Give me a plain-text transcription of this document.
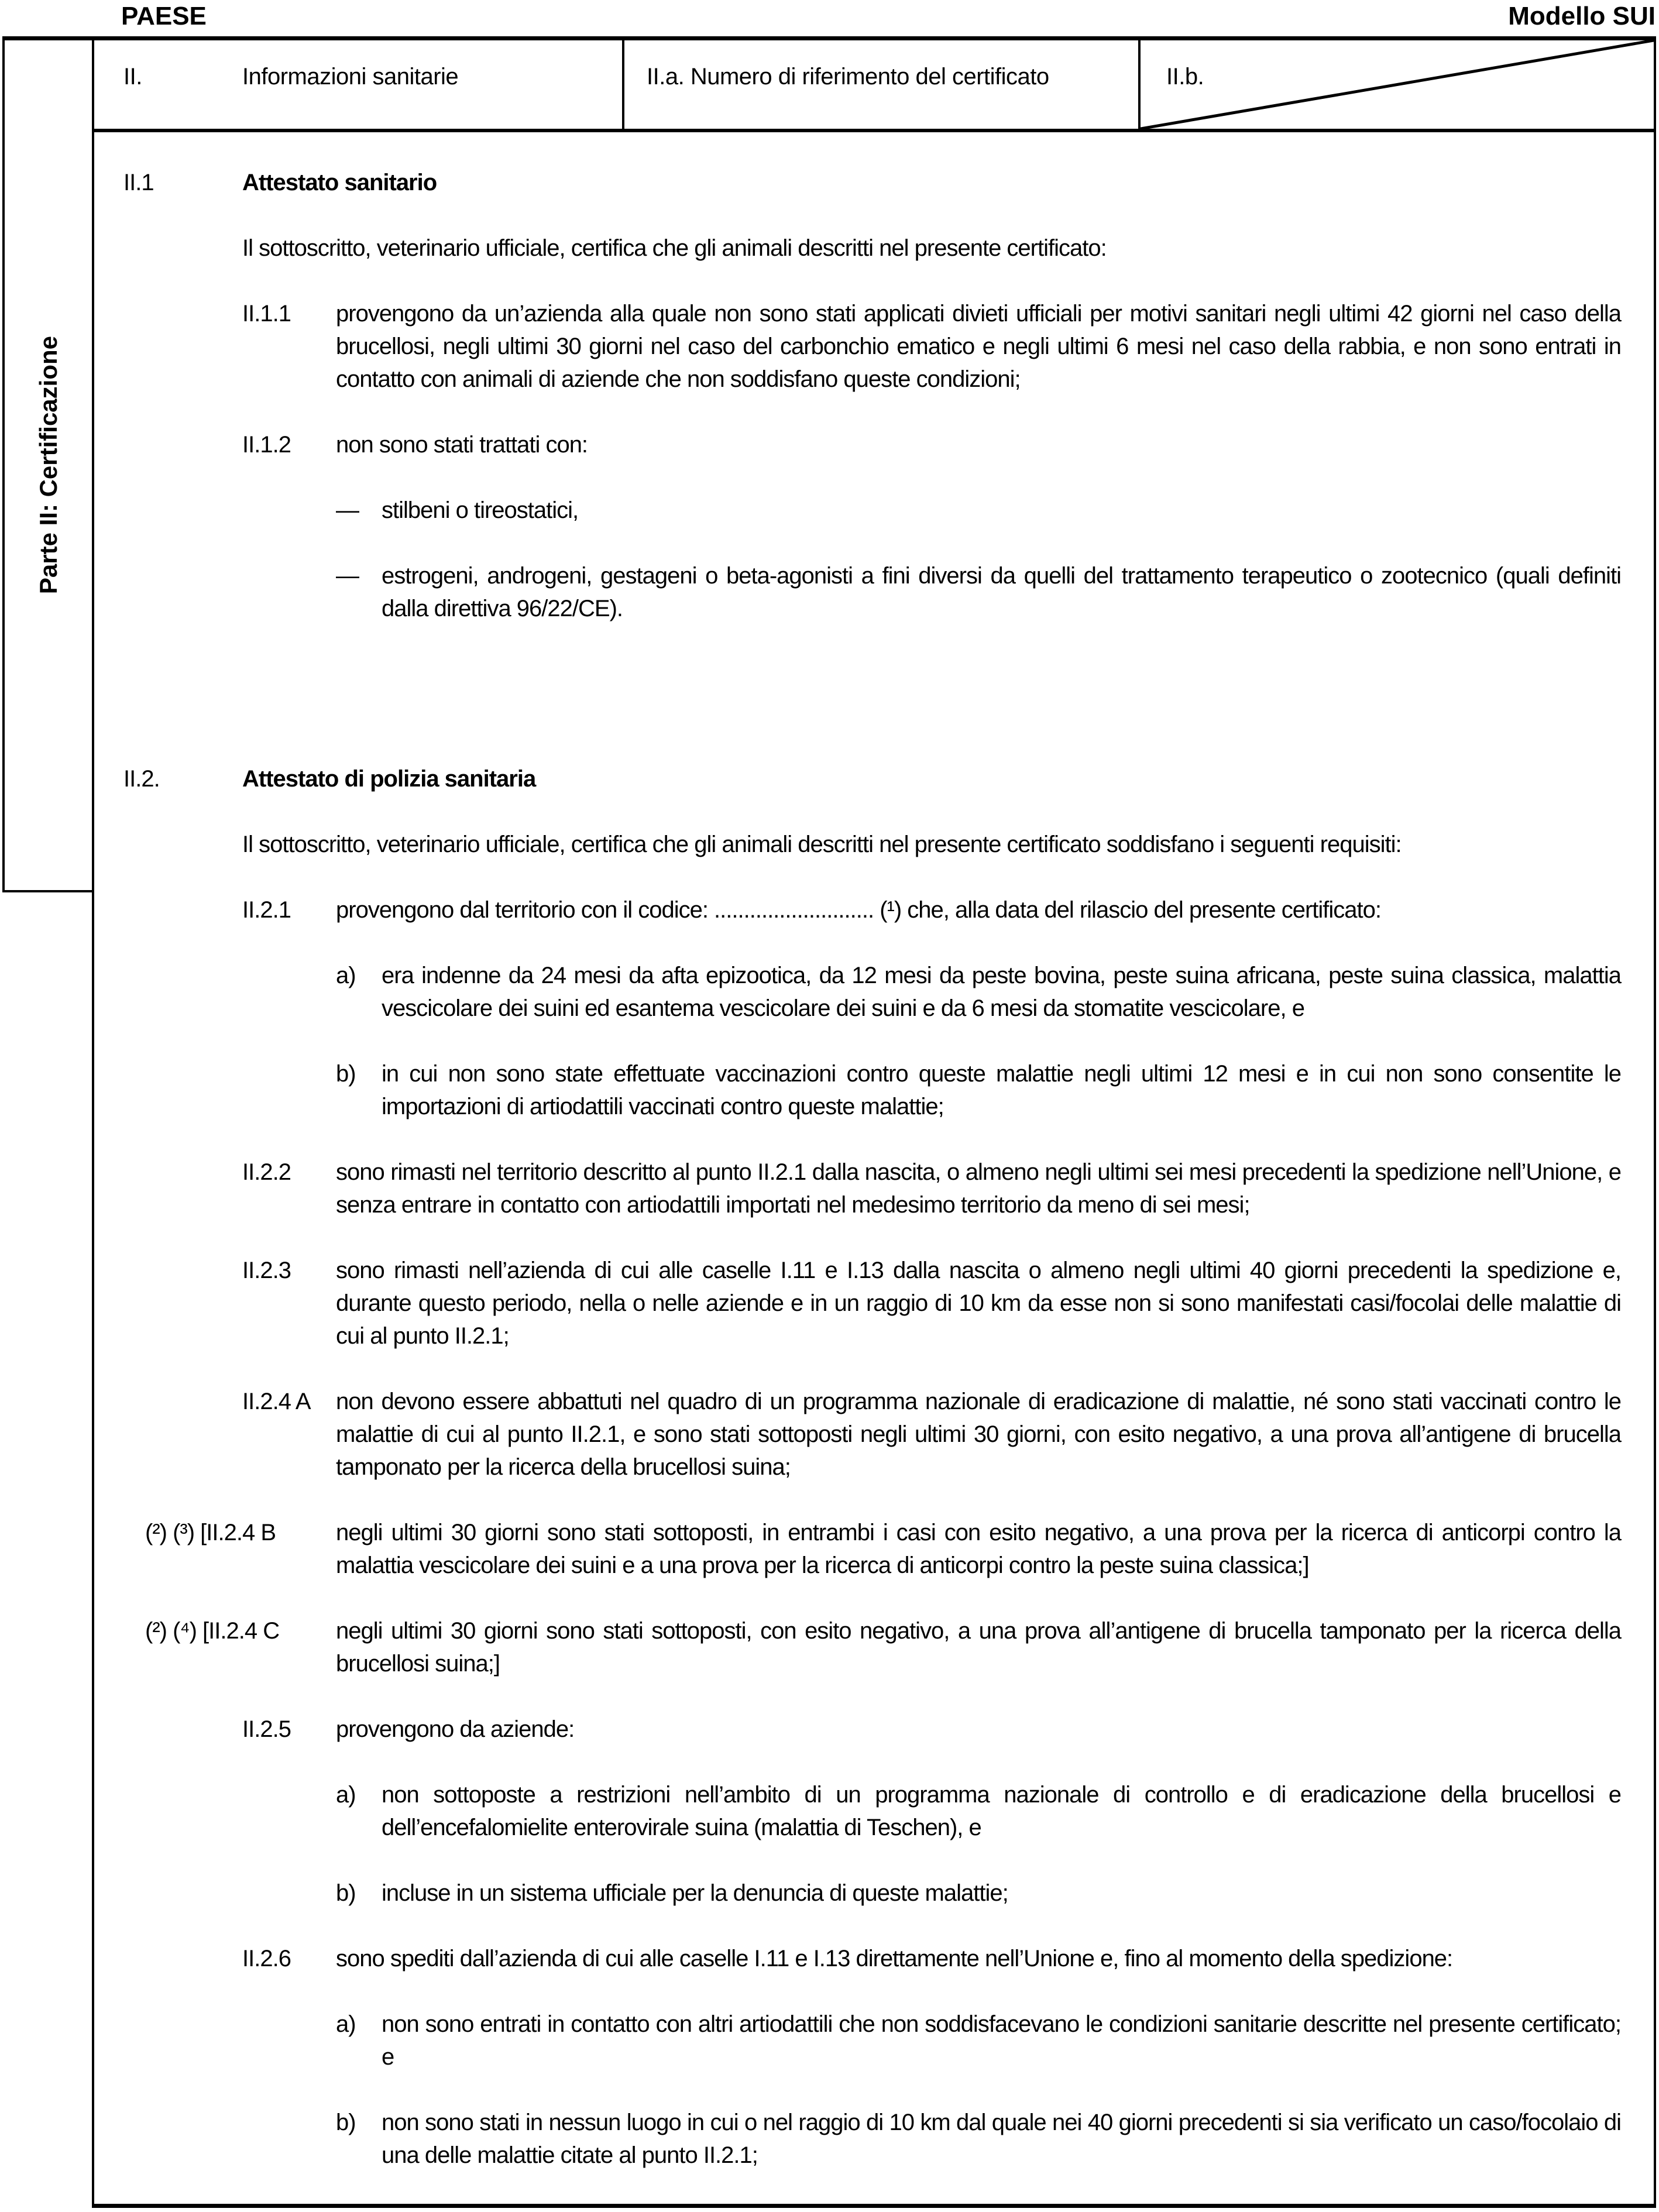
PAESE	Modello SUI
Parte II: Certificazione
II.	Informazioni sanitarie	II.a. Numero di riferimento del certificato	II.b.
II.1	Attestato sanitario
Il sottoscritto, veterinario ufficiale, certifica che gli animali descritti nel presente certificato:
II.1.1	provengono da un’azienda alla quale non sono stati applicati divieti ufficiali per motivi sanitari negli ultimi 42 giorni nel caso della brucellosi, negli ultimi 30 giorni nel caso del carbonchio ematico e negli ultimi 6 mesi nel caso della rabbia, e non sono entrati in contatto con animali di aziende che non soddisfano queste condizioni;
II.1.2	non sono stati trattati con:
— stilbeni o tireostatici,
— estrogeni, androgeni, gestageni o beta-agonisti a fini diversi da quelli del trattamento terapeutico o zootecnico (quali definiti dalla direttiva 96/22/CE).
II.2.	Attestato di polizia sanitaria
Il sottoscritto, veterinario ufficiale, certifica che gli animali descritti nel presente certificato soddisfano i seguenti requisiti:
II.2.1	provengono dal territorio con il codice: ........................... (¹) che, alla data del rilascio del presente certificato:
a)	era indenne da 24 mesi da afta epizootica, da 12 mesi da peste bovina, peste suina africana, peste suina classica, malattia vescicolare dei suini ed esantema vescicolare dei suini e da 6 mesi da stomatite vescicolare, e
b)	in cui non sono state effettuate vaccinazioni contro queste malattie negli ultimi 12 mesi e in cui non sono consentite le importazioni di artiodattili vaccinati contro queste malattie;
II.2.2	sono rimasti nel territorio descritto al punto II.2.1 dalla nascita, o almeno negli ultimi sei mesi precedenti la spedizione nell’Unione, e senza entrare in contatto con artiodattili importati nel medesimo territorio da meno di sei mesi;
II.2.3	sono rimasti nell’azienda di cui alle caselle I.11 e I.13 dalla nascita o almeno negli ultimi 40 giorni precedenti la spedizione e, durante questo periodo, nella o nelle aziende e in un raggio di 10 km da esse non si sono manifestati casi/focolai delle malattie di cui al punto II.2.1;
II.2.4 A	non devono essere abbattuti nel quadro di un programma nazionale di eradicazione di malattie, né sono stati vaccinati contro le malattie di cui al punto II.2.1, e sono stati sottoposti negli ultimi 30 giorni, con esito negativo, a una prova all’antigene di brucella tamponato per la ricerca della brucellosi suina;
(²) (³) [II.2.4 B	negli ultimi 30 giorni sono stati sottoposti, in entrambi i casi con esito negativo, a una prova per la ricerca di anticorpi contro la malattia vescicolare dei suini e a una prova per la ricerca di anticorpi contro la peste suina classica;]
(²) (⁴) [II.2.4 C	negli ultimi 30 giorni sono stati sottoposti, con esito negativo, a una prova all’antigene di brucella tamponato per la ricerca della brucellosi suina;]
II.2.5	provengono da aziende:
a)	non sottoposte a restrizioni nell’ambito di un programma nazionale di controllo e di eradicazione della brucellosi e dell’encefalomielite enterovirale suina (malattia di Teschen), e
b)	incluse in un sistema ufficiale per la denuncia di queste malattie;
II.2.6	sono spediti dall’azienda di cui alle caselle I.11 e I.13 direttamente nell’Unione e, fino al momento della spedizione:
a)	non sono entrati in contatto con altri artiodattili che non soddisfacevano le condizioni sanitarie descritte nel presente certificato; e
b)	non sono stati in nessun luogo in cui o nel raggio di 10 km dal quale nei 40 giorni precedenti si sia verificato un caso/focolaio di una delle malattie citate al punto II.2.1;
